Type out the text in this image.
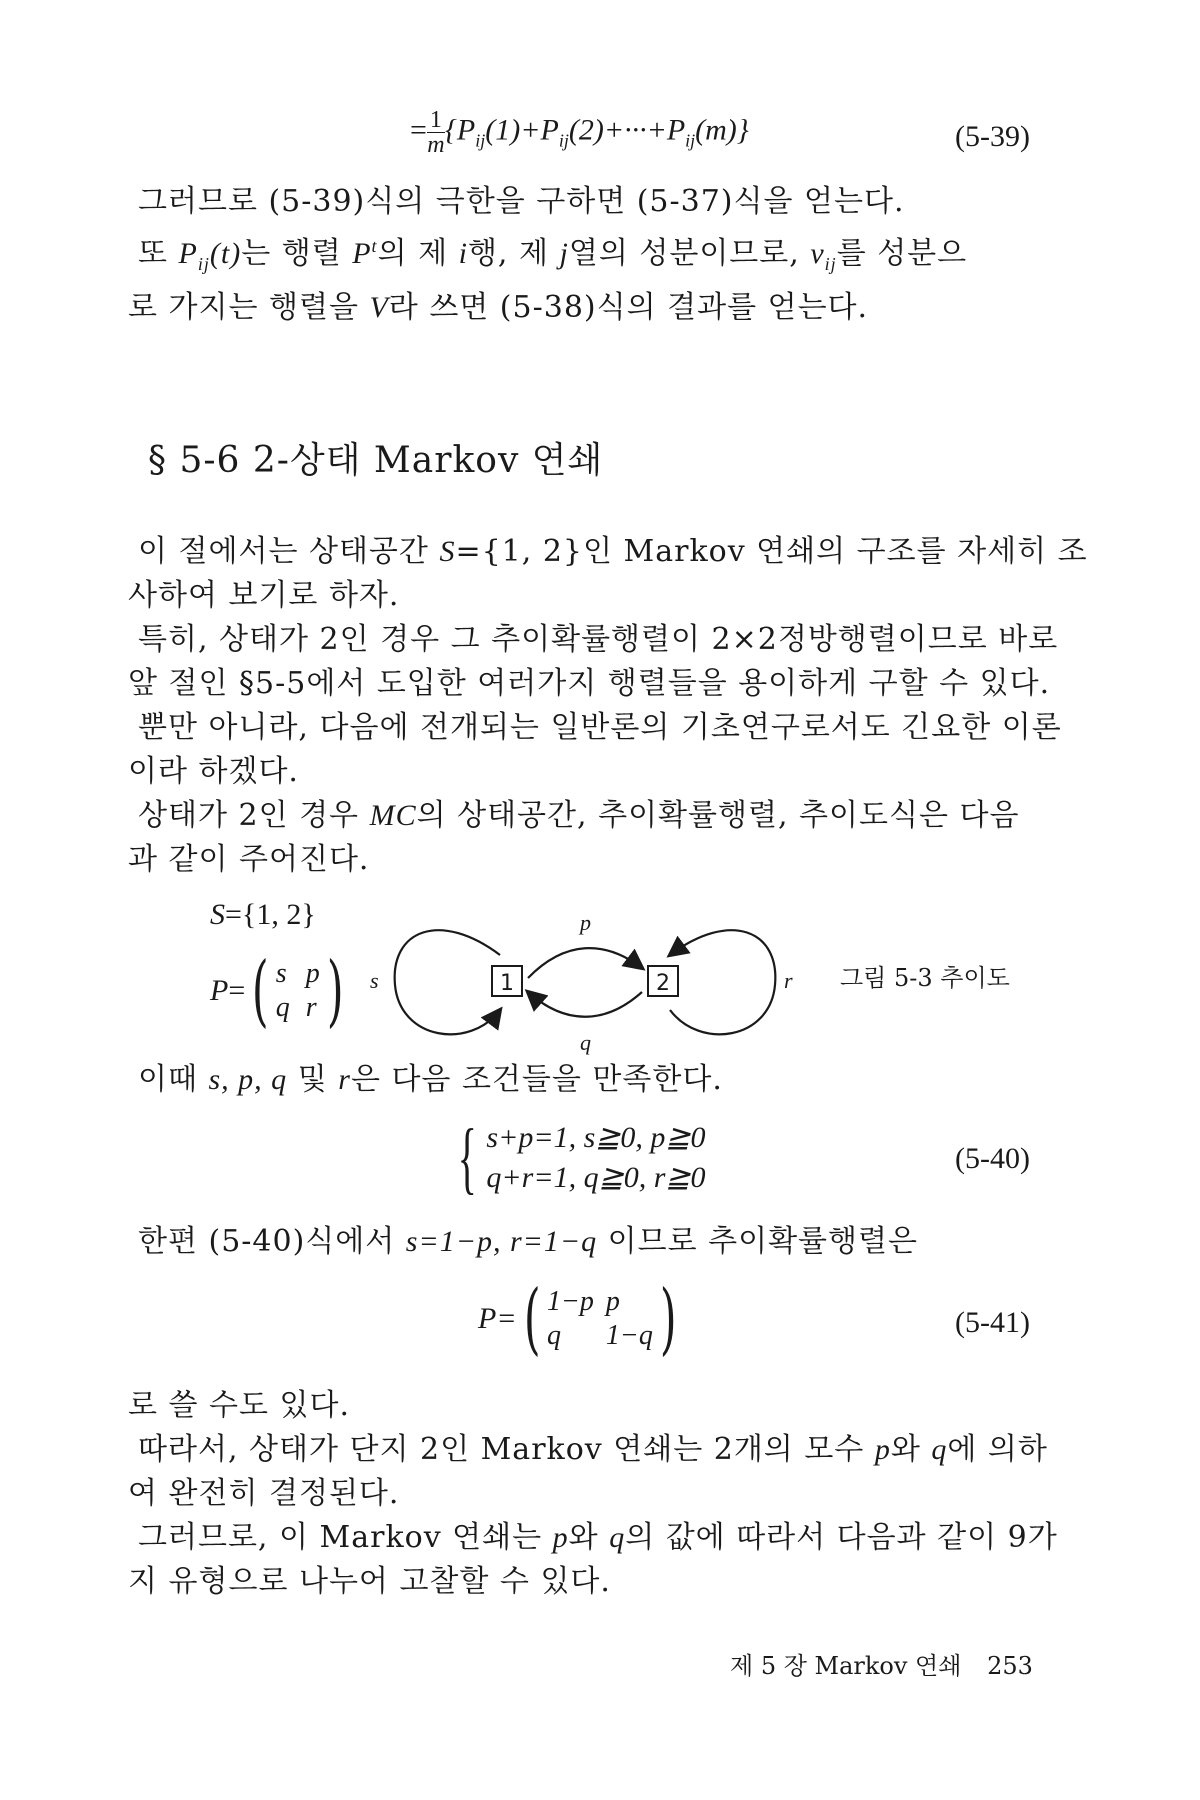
= $\frac{1}{m} \{P_{ij}(1)+P_{ij}(2)+\cdot\cdot\cdot+P_{ij}(m)\}$	(5-39)
그러므로 (5-39)식의 극한을 구하면 (5-37)식을 얻는다.
또 $P_{ij}(t)$는 행렬 $P^t$의 제 i행, 제 j열의 성분이므로, $v_{ij}$를 성분으
로 가지는 행렬을 V라 쓰면 (5-38)식의 결과를 얻는다.
§ 5-6 2-상태 Markov 연쇄
이 절에서는 상태공간 S={1, 2}인 Markov 연쇄의 구조를 자세히 조
사하여 보기로 하자.
특히, 상태가 2인 경우 그 추이확률행렬이 2×2정방행렬이므로 바로
앞 절인 §5-5에서 도입한 여러가지 행렬들을 용이하게 구할 수 있다.
뿐만 아니라, 다음에 전개되는 일반론의 기초연구로서도 긴요한 이론
이라 하겠다.
상태가 2인 경우 MC의 상태공간, 추이확률행렬, 추이도식은 다음
과 같이 주어진다.
S={1, 2}
P=( s p
q r )	1	2
s
p
q
r 그림 5-3 추이도
이때 s, p, q 및 r은 다음 조건들을 만족한다.
{ s+p=1, s≧0, p≧0
q+r=1, q≧0, r≧0
(5-40)
한편 (5-40)식에서 s=1−p, r=1−q 이므로 추이확률행렬은
P=( 1−p p
q	1−q )	(5-41)
로 쓸 수도 있다.
따라서, 상태가 단지 2인 Markov 연쇄는 2개의 모수 p와 q에 의하
여 완전히 결정된다.
그러므로, 이 Markov 연쇄는 p와 q의 값에 따라서 다음과 같이 9가
지 유형으로 나누어 고찰할 수 있다.
제 5 장 Markov 연쇄 253
